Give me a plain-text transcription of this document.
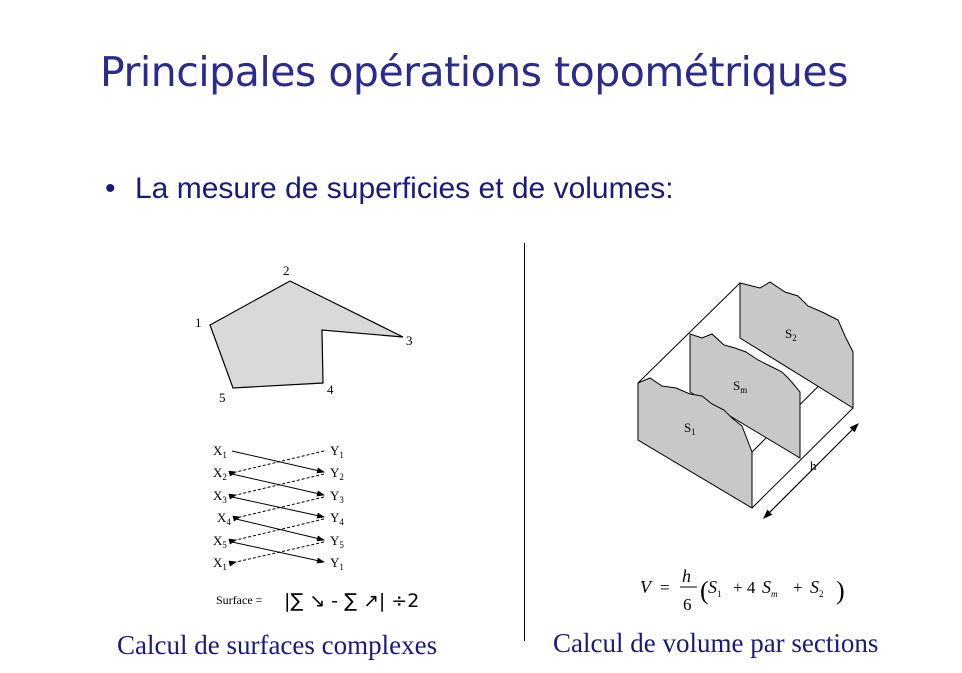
Principales opérations topométriques
• La mesure de superficies et de volumes:
1
2
3
4
5
$X_1$
$X_2$
$X_3$
$X_4$
$X_5$
$X_1$
$Y_1$
$Y_2$
$Y_3$
$Y_4$
$Y_5$
$Y_1$
Surface = |∑ ↘ - ∑ ↗| ÷2
$S_2$
$S_m$
$S_1$
h
V =
h
6 ( $S_1 + 4$ $S_m + S_2$ )
Calcul de surfaces complexes	Calcul de volume par sections
